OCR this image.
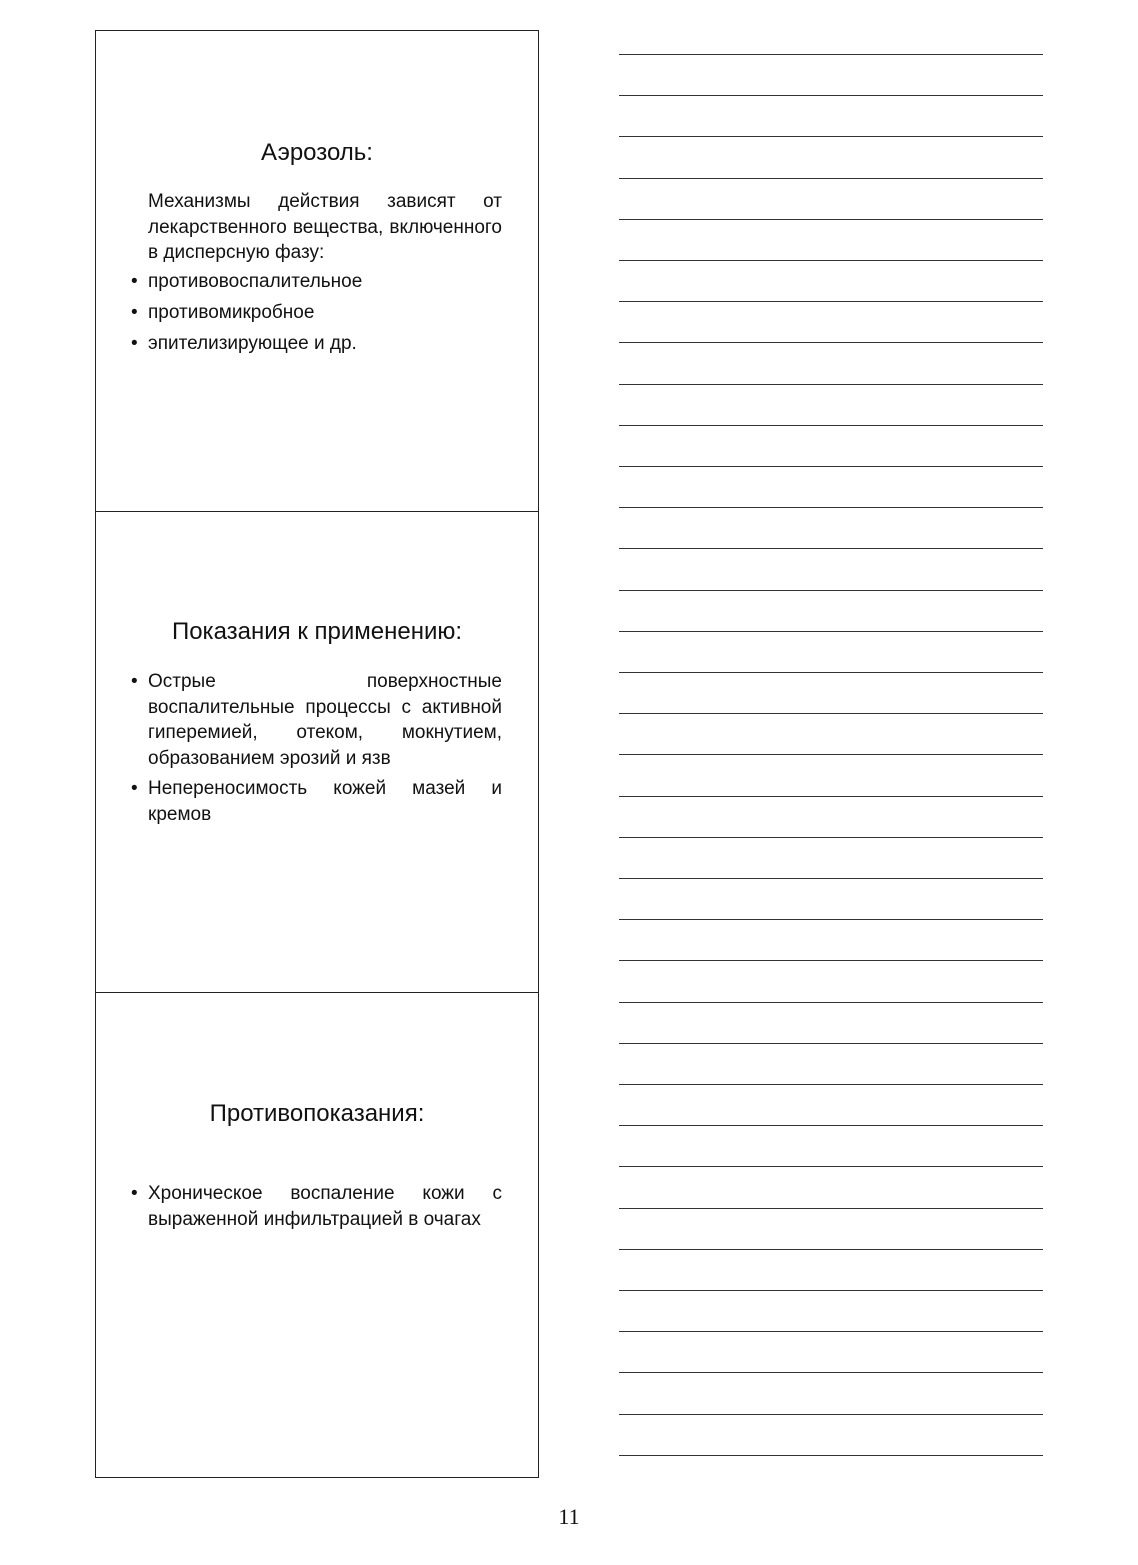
Аэрозоль:

Механизмы действия зависят от лекарственного вещества, включенного в дисперсную фазу:

• противовоспалительное
• противомикробное
• эпителизирующее и др.
Показания к применению:
• Острые поверхностные воспалительные процессы с активной гиперемией, отеком, мокнутием, образованием эрозий и язв
• Непереносимость кожей мазей и кремов
Противопоказания:
• Хроническое воспаление кожи с выраженной инфильтрацией в очагах
11
